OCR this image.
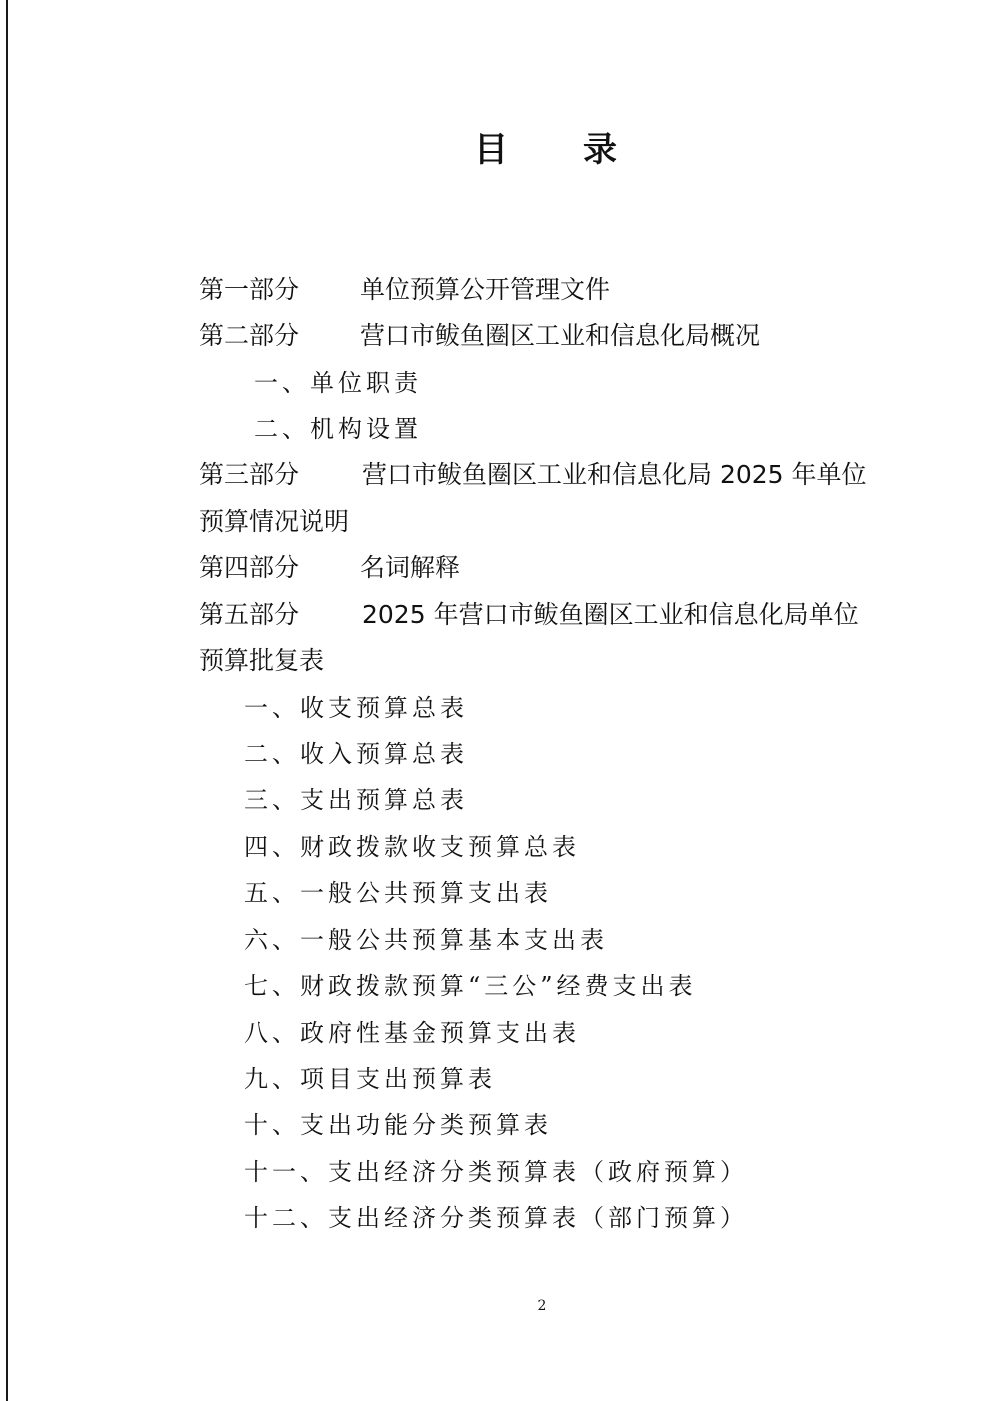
目 录
第一部分 单位预算公开管理文件
第二部分 营口市鲅鱼圈区工业和信息化局概况
一、单位职责
二、机构设置
第三部分	营口市鲅鱼圈区工业和信息化局 2025 年单位
预算情况说明
第四部分 名词解释
第五部分	2025 年营口市鲅鱼圈区工业和信息化局单位
预算批复表
一、收支预算总表
二、收入预算总表
三、支出预算总表
四、财政拨款收支预算总表
五、一般公共预算支出表
六、一般公共预算基本支出表
七、财政拨款预算“三公”经费支出表
八、政府性基金预算支出表
九、项目支出预算表
十、支出功能分类预算表
十一、支出经济分类预算表（政府预算）
十二、支出经济分类预算表（部门预算）
2
